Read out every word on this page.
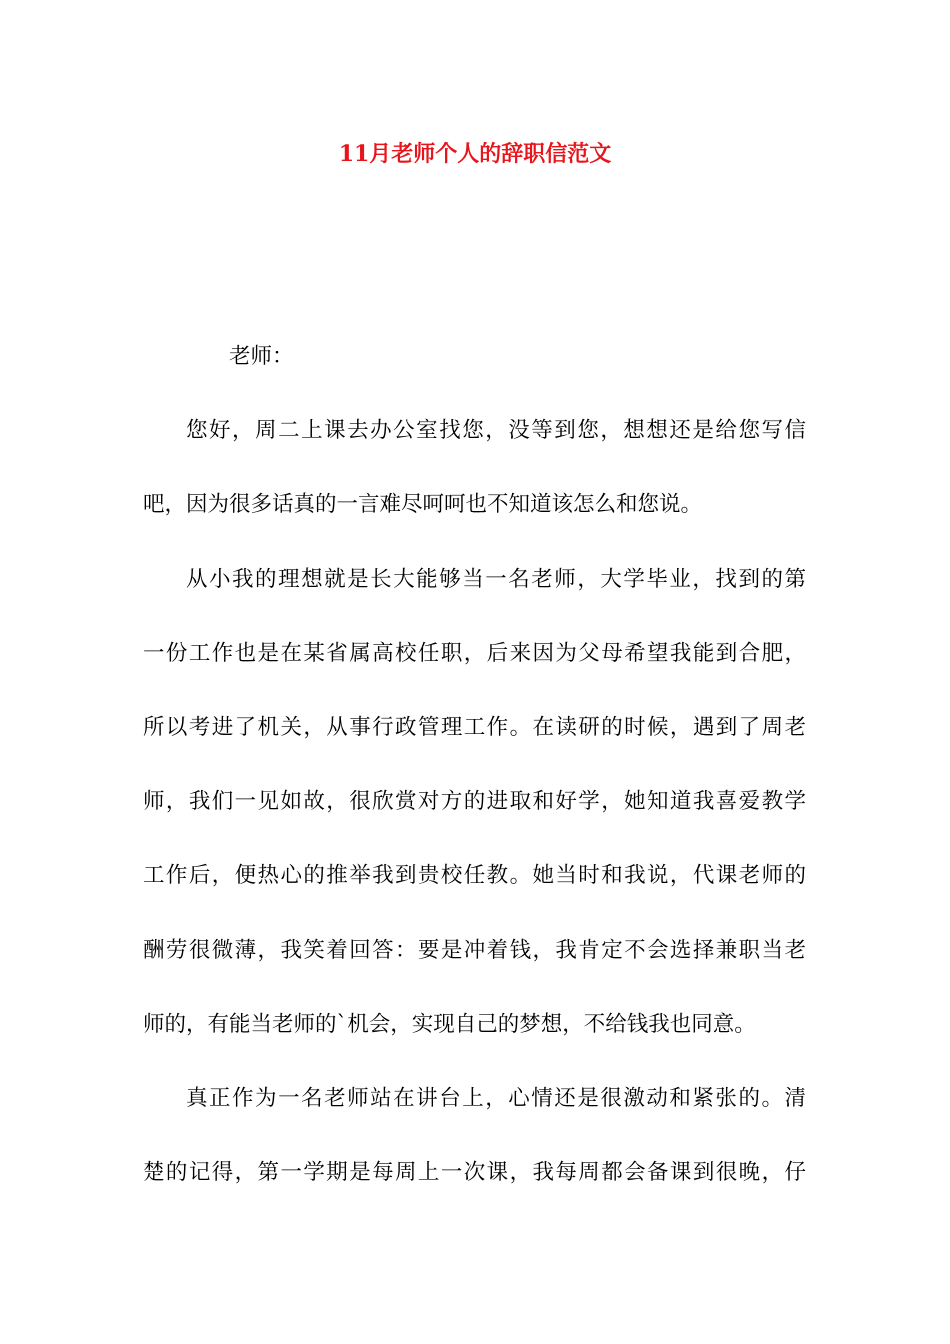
11月老师个人的辞职信范文
老师：
您好，周二上课去办公室找您，没等到您，想想还是给您写信
吧，因为很多话真的一言难尽呵呵也不知道该怎么和您说。
从小我的理想就是长大能够当一名老师，大学毕业，找到的第
一份工作也是在某省属高校任职，后来因为父母希望我能到合肥，
所以考进了机关，从事行政管理工作。在读研的时候，遇到了周老
师，我们一见如故，很欣赏对方的进取和好学，她知道我喜爱教学
工作后，便热心的推举我到贵校任教。她当时和我说，代课老师的
酬劳很微薄，我笑着回答：要是冲着钱，我肯定不会选择兼职当老
师的，有能当老师的`机会，实现自己的梦想，不给钱我也同意。
真正作为一名老师站在讲台上，心情还是很激动和紧张的。清
楚的记得，第一学期是每周上一次课，我每周都会备课到很晚，仔
